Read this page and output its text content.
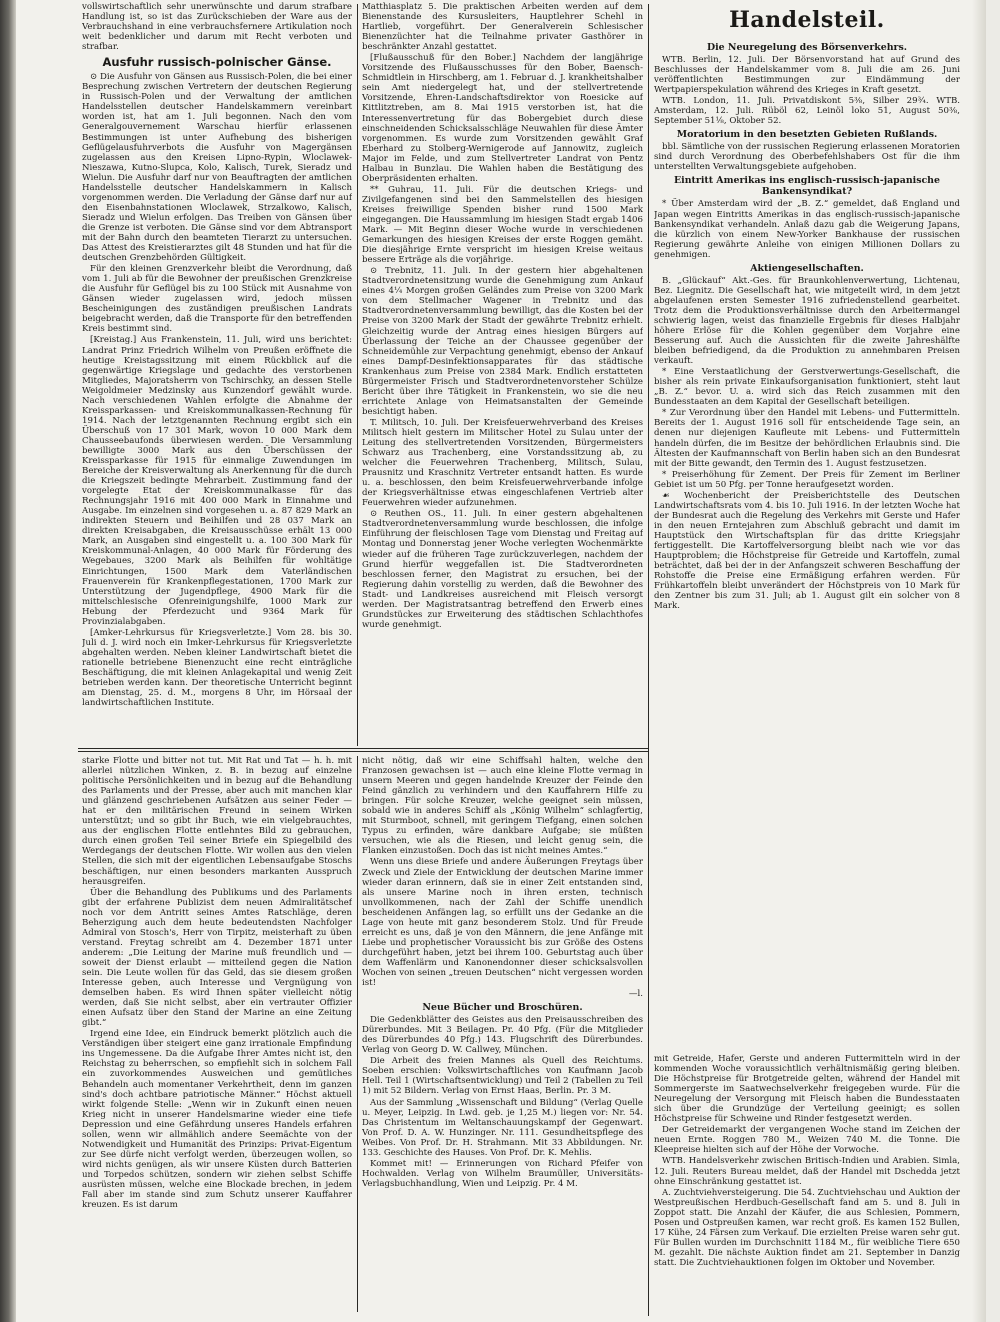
vollswirtschaftlich sehr unerwünschte und darum strafbare Handlung ist, so ist das Zurückschieben der Ware aus der Verbrauchshand in eine verbrauchsfernere Artikulation noch weit bedenklicher und darum mit Recht verboten und strafbar.

Ausfuhr russisch-polnischer Gänse.

⊙ Die Ausfuhr von Gänsen aus Russisch-Polen, die bei einer Besprechung zwischen Vertretern der deutschen Regierung in Russisch-Polen und der Verwaltung der amtlichen Handelsstellen deutscher Handelskammern vereinbart worden ist, hat am 1. Juli begonnen. Nach den vom Generalgouvernement Warschau hierfür erlassenen Bestimmungen ist unter Aufhebung des bisherigen Geflügelausfuhrverbots die Ausfuhr von Magergänsen zugelassen aus den Kreisen Lipno-Rypin, Wloclawek-Nieszawa, Kutno-Slupca, Kolo, Kalisch, Turek, Sieradz und Wielun. Die Ausfuhr darf nur von Beauftragten der amtlichen Handelsstelle deutscher Handelskammern in Kalisch vorgenommen werden. Die Verladung der Gänse darf nur auf den Eisenbahnstationen Wloclawek, Strzalkowo, Kalisch, Sieradz und Wielun erfolgen. Das Treiben von Gänsen über die Grenze ist verboten. Die Gänse sind vor dem Abtransport mit der Bahn durch den beamteten Tierarzt zu untersuchen. Das Attest des Kreistierarztes gilt 48 Stunden und hat für die deutschen Grenzbehörden Gültigkeit.

Für den kleinen Grenzverkehr bleibt die Verordnung, daß vom 1. Juli ab für die Bewohner der preußischen Grenzkreise die Ausfuhr für Geflügel bis zu 100 Stück mit Ausnahme von Gänsen wieder zugelassen wird, jedoch müssen Bescheinigungen des zuständigen preußischen Landrats beigebracht werden, daß die Transporte für den betreffenden Kreis bestimmt sind.

[Kreistag.] Aus Frankenstein, 11. Juli, wird uns berichtet: Landrat Prinz Friedrich Wilhelm von Preußen eröffnete die heutige Kreistagssitzung mit einem Rückblick auf die gegenwärtige Kriegslage und gedachte des verstorbenen Mitgliedes, Majoratsherrn von Tschirschky, an dessen Stelle Weigoldmeier Medzinsky aus Kunzendorf gewählt wurde. Nach verschiedenen Wahlen erfolgte die Abnahme der Kreissparkassen- und Kreiskommunalkassen-Rechnung für 1914. Nach der letztgenannten Rechnung ergibt sich ein Überschuß von 17 301 Mark, wovon 10 000 Mark dem Chausseebaufonds überwiesen werden. Die Versammlung bewilligte 3000 Mark aus den Überschüssen der Kreissparkasse für 1915 für einmalige Zuwendungen im Bereiche der Kreisverwaltung als Anerkennung für die durch die Kriegszeit bedingte Mehrarbeit. Zustimmung fand der vorgelegte Etat der Kreiskommunalkasse für das Rechnungsjahr 1916 mit 400 000 Mark in Einnahme und Ausgabe. Im einzelnen sind vorgesehen u. a. 87 829 Mark an indirekten Steuern und Beihilfen und 28 037 Mark an direkten Kreisabgaben, die Kreisausschüsse erhält 13 000 Mark, an Ausgaben sind eingestellt u. a. 100 300 Mark für Kreiskommunal-Anlagen, 40 000 Mark für Förderung des Wegebaues, 3200 Mark als Beihilfen für wohltätige Einrichtungen, 1500 Mark dem Vaterländischen Frauenverein für Krankenpflegestationen, 1700 Mark zur Unterstützung der Jugendpflege, 4900 Mark für die mittelschlesische Ofenreinigungshilfe, 1000 Mark zur Hebung der Pferdezucht und 9364 Mark für Provinzialabgaben.

[Amker-Lehrkursus für Kriegsverletzte.] Vom 28. bis 30. Juli d. J. wird noch ein Imker-Lehrkursus für Kriegsverletzte abgehalten werden. Neben kleiner Landwirtschaft bietet die rationelle betriebene Bienenzucht eine recht einträgliche Beschäftigung, die mit kleinen Anlagekapital und wenig Zeit betrieben werden kann. Der theoretische Unterricht beginnt am Dienstag, 25. d. M., morgens 8 Uhr, im Hörsaal der landwirtschaftlichen Institute.

Matthiasplatz 5. Die praktischen Arbeiten werden auf dem Bienenstande des Kursusleiters, Hauptlehrer Schehl in Hartlieb, vorgeführt. Der Generalverein Schlesischer Bienenzüchter hat die Teilnahme privater Gasthörer in beschränkter Anzahl gestattet.

[Flußausschuß für den Bober.] Nachdem der langjährige Vorsitzende des Flußausschusses für den Bober, Baensch-Schmidtlein in Hirschberg, am 1. Februar d. J. krankheitshalber sein Amt niedergelegt hat, und der stellvertretende Vorsitzende, Ehren-Landschaftsdirektor von Roesicke auf Kittlitztreben, am 8. Mai 1915 verstorben ist, hat die Interessenvertretung für das Bobergebiet durch diese einschneidenden Schicksalsschläge Neuwahlen für diese Ämter vorgenommen. Es wurde zum Vorsitzenden gewählt Graf Eberhard zu Stolberg-Wernigerode auf Jannowitz, zugleich Major im Felde, und zum Stellvertreter Landrat von Pentz Halbau in Bunzlau. Die Wahlen haben die Bestätigung des Oberpräsidenten erhalten.

** Guhrau, 11. Juli. Für die deutschen Kriegs- und Zivilgefangenen sind bei den Sammelstellen des hiesigen Kreises freiwillige Spenden bisher rund 1500 Mark eingegangen. Die Haussammlung im hiesigen Stadt ergab 1406 Mark. — Mit Beginn dieser Woche wurde in verschiedenen Gemarkungen des hiesigen Kreises der erste Roggen gemäht. Die diesjährige Ernte verspricht im hiesigen Kreise weitaus bessere Erträge als die vorjährige.

⊙ Trebnitz, 11. Juli. In der gestern hier abgehaltenen Stadtverordnetensitzung wurde die Genehmigung zum Ankauf eines 4¼ Morgen großen Geländes zum Preise von 3200 Mark von dem Stellmacher Wagener in Trebnitz und das Stadtverordnetenversammlung bewilligt, das die Kosten bei der Preise von 3200 Mark der Stadt der gewährte Trebnitz erhielt. Gleichzeitig wurde der Antrag eines hiesigen Bürgers auf Überlassung der Teiche an der Chaussee gegenüber der Schneidemühle zur Verpachtung genehmigt, ebenso der Ankauf eines Dampf-Desinfektionsapparates für das städtische Krankenhaus zum Preise von 2384 Mark. Endlich erstatteten Bürgermeister Frisch und Stadtverordnetenvorsteher Schülze Bericht über ihre Tätigkeit in Frankenstein, wo sie die neu errichtete Anlage von Heimatsanstalten der Gemeinde besichtigt haben.

T. Militsch, 10. Juli. Der Kreisfeuerwehrverband des Kreises Militsch hielt gestern im Militscher Hotel zu Sulau unter der Leitung des stellvertretenden Vorsitzenden, Bürgermeisters Schwarz aus Trachenberg, eine Vorstandssitzung ab, zu welcher die Feuerwehren Trachenberg, Militsch, Sulau, Prausnitz und Kraschnitz Vertreter entsandt hatten. Es wurde u. a. beschlossen, den beim Kreisfeuerwehrverbande infolge der Kriegsverhältnisse etwas eingeschlafenen Vertrieb alter Feuerwehren wieder aufzunehmen.

⊙ Reuthen OS., 11. Juli. In einer gestern abgehaltenen Stadtverordnetenversammlung wurde beschlossen, die infolge Einführung der fleischlosen Tage vom Dienstag und Freitag auf Montag und Donnerstag jener Woche verlegten Wochenmärkte wieder auf die früheren Tage zurückzuverlegen, nachdem der Grund hierfür weggefallen ist. Die Stadtverordneten beschlossen ferner, den Magistrat zu ersuchen, bei der Regierung dahin vorstellig zu werden, daß die Bewohner des Stadt- und Landkreises ausreichend mit Fleisch versorgt werden. Der Magistratsantrag betreffend den Erwerb eines Grundstückes zur Erweiterung des städtischen Schlachthofes wurde genehmigt.

Handelsteil.
Die Neuregelung des Börsenverkehrs.

WTB. Berlin, 12. Juli. Der Börsenvorstand hat auf Grund des Beschlusses der Handelskammer vom 8. Juli die am 26. Juni veröffentlichten Bestimmungen zur Eindämmung der Wertpapierspekulation während des Krieges in Kraft gesetzt.

WTB. London, 11. Juli. Privatdiskont 5⅜, Silber 29¾. WTB. Amsterdam, 12. Juli. Rüböl 62, Leinöl loko 51, August 50⅜, September 51⅛, Oktober 52.

Moratorium in den besetzten Gebieten Rußlands.

bbl. Sämtliche von der russischen Regierung erlassenen Moratorien sind durch Verordnung des Oberbefehlshabers Ost für die ihm unterstellten Verwaltungsgebiete aufgehoben.

Eintritt Amerikas ins englisch-russisch-japanische Bankensyndikat?

* Über Amsterdam wird der „B. Z.“ gemeldet, daß England und Japan wegen Eintritts Amerikas in das englisch-russisch-japanische Bankensyndikat verhandeln. Anlaß dazu gab die Weigerung Japans, die kürzlich von einem New-Yorker Bankhause der russischen Regierung gewährte Anleihe von einigen Millionen Dollars zu genehmigen.

Aktiengesellschaften.

B. „Glückauf“ Akt.-Ges. für Braunkohlenverwertung, Lichtenau, Bez. Liegnitz. Die Gesellschaft hat, wie mitgeteilt wird, in dem jetzt abgelaufenen ersten Semester 1916 zufriedenstellend gearbeitet. Trotz dem die Produktionsverhältnisse durch den Arbeitermangel schwierig lagen, weist das finanzielle Ergebnis für dieses Halbjahr höhere Erlöse für die Kohlen gegenüber dem Vorjahre eine Besserung auf. Auch die Aussichten für die zweite Jahreshälfte bleiben befriedigend, da die Produktion zu annehmbaren Preisen verkauft.

* Eine Verstaatlichung der Gerstverwertungs-Gesellschaft, die bisher als rein private Einkaufsorganisation funktioniert, steht laut „B. Z.“ bevor. U. a. wird sich das Reich zusammen mit den Bundesstaaten an dem Kapital der Gesellschaft beteiligen.

* Zur Verordnung über den Handel mit Lebens- und Futtermitteln. Bereits der 1. August 1916 soll für entscheidende Tage sein, an denen nur diejenigen Kaufleute mit Lebens- und Futtermitteln handeln dürfen, die im Besitze der behördlichen Erlaubnis sind. Die Ältesten der Kaufmannschaft von Berlin haben sich an den Bundesrat mit der Bitte gewandt, den Termin des 1. August festzusetzen.

* Preiserhöhung für Zement. Der Preis für Zement im Berliner Gebiet ist um 50 Pfg. per Tonne heraufgesetzt worden.

☙ Wochenbericht der Preisberichtstelle des Deutschen Landwirtschaftsrats vom 4. bis 10. Juli 1916. In der letzten Woche hat der Bundesrat auch die Regelung des Verkehrs mit Gerste und Hafer in den neuen Erntejahren zum Abschluß gebracht und damit im Hauptstück den Wirtschaftsplan für das dritte Kriegsjahr fertiggestellt. Die Kartoffelversorgung bleibt nach wie vor das Hauptproblem; die Höchstpreise für Getreide und Kartoffeln, zumal beträchtet, daß bei der in der Anfangszeit schweren Beschaffung der Rohstoffe die Preise eine Ermäßigung erfahren werden. Für Frühkartoffeln bleibt unverändert der Höchstpreis von 10 Mark für den Zentner bis zum 31. Juli; ab 1. August gilt ein solcher von 8 Mark.

starke Flotte und bitter not tut. Mit Rat und Tat — h. h. mit allerlei nützlichen Winken, z. B. in bezug auf einzelne politische Persönlichkeiten und in bezug auf die Behandlung des Parlaments und der Presse, aber auch mit manchen klar und glänzend geschriebenen Aufsätzen aus seiner Feder — hat er den militärischen Freund in seinem Wirken unterstützt; und so gibt ihr Buch, wie ein vielgebrauchtes, aus der englischen Flotte entlehntes Bild zu gebrauchen, durch einen großen Teil seiner Briefe ein Spiegelbild des Werdegangs der deutschen Flotte. Wir wollen aus den vielen Stellen, die sich mit der eigentlichen Lebensaufgabe Stoschs beschäftigen, nur einen besonders markanten Ausspruch herausgreifen.

Über die Behandlung des Publikums und des Parlaments gibt der erfahrene Publizist dem neuen Admiralitätschef noch vor dem Antritt seines Amtes Ratschläge, deren Beherzigung auch dem heute bedeutendsten Nachfolger Admiral von Stosch's, Herr von Tirpitz, meisterhaft zu üben verstand. Freytag schreibt am 4. Dezember 1871 unter anderem: „Die Leitung der Marine muß freundlich und — soweit der Dienst erlaubt — mitteilend gegen die Nation sein. Die Leute wollen für das Geld, das sie diesem großen Interesse geben, auch Interesse und Vergnügung von demselben haben. Es wird Ihnen später vielleicht nötig werden, daß Sie nicht selbst, aber ein vertrauter Offizier einen Aufsatz über den Stand der Marine an eine Zeitung gibt.“

Irgend eine Idee, ein Eindruck bemerkt plötzlich auch die Verständigen über steigert eine ganz irrationale Empfindung ins Ungemessene. Da die Aufgabe Ihrer Amtes nicht ist, den Reichstag zu beherrschen, so empfiehlt sich in solchem Fall ein zuvorkommendes Ausweichen und gemütliches Behandeln auch momentaner Verkehrtheit, denn im ganzen sind's doch achtbare patriotische Männer.“ Höchst aktuell wirkt folgende Stelle: „Wenn wir in Zukunft einen neuen Krieg nicht in unserer Handelsmarine wieder eine tiefe Depression und eine Gefährdung unseres Handels erfahren sollen, wenn wir allmählich andere Seemächte von der Notwendigkeit und Humanität des Prinzips: Privat-Eigentum zur See dürfe nicht verfolgt werden, überzeugen wollen, so wird nichts genügen, als wir unsere Küsten durch Batterien und Torpedos schützen, sondern wir ziehen selbst Schiffe ausrüsten müssen, welche eine Blockade brechen, in jedem Fall aber im stande sind zum Schutz unserer Kauffahrer kreuzen. Es ist darum

nicht nötig, daß wir eine Schiffsahl halten, welche den Franzosen gewachsen ist — auch eine kleine Flotte vermag in unsern Meeren und gegen handelnde Kreuzer der Feinde den Feind gänzlich zu verhindern und den Kauffahrern Hilfe zu bringen. Für solche Kreuzer, welche geeignet sein müssen, sobald wie in anderes Schiff als „König Wilhelm“ schlagfertig, mit Sturmboot, schnell, mit geringem Tiefgang, einen solchen Typus zu erfinden, wäre dankbare Aufgabe; sie müßten versuchen, wie als die Riesen, und leicht genug sein, die Flanken einzustoßen. Doch das ist nicht meines Amtes.“

Wenn uns diese Briefe und andere Äußerungen Freytags über Zweck und Ziele der Entwicklung der deutschen Marine immer wieder daran erinnern, daß sie in einer Zeit entstanden sind, als unsere Marine noch in ihren ersten, technisch unvollkommenen, nach der Zahl der Schiffe unendlich bescheidenen Anfängen lag, so erfüllt uns der Gedanke an die Lage von heute mit ganz besonderem Stolz. Und für Freude erreicht es uns, daß je von den Männern, die jene Anfänge mit Liebe und prophetischer Voraussicht bis zur Größe des Ostens durchgeführt haben, jetzt bei ihrem 100. Geburtstag auch über dem Waffenlärm und Kanonendonner dieser schicksalsvollen Wochen von seinen „treuen Deutschen“ nicht vergessen worden ist!

—l.

Neue Bücher und Broschüren.

Die Gedenkblätter des Geistes aus den Preisausschreiben des Dürerbundes. Mit 3 Beilagen. Pr. 40 Pfg. (Für die Mitglieder des Dürerbundes 40 Pfg.) 143. Flugschrift des Dürerbundes. Verlag von Georg D. W. Callwey, München.

Die Arbeit des freien Mannes als Quell des Reichtums. Soeben erschien: Volkswirtschaftliches von Kaufmann Jacob Hell. Teil 1 (Wirtschaftsentwicklung) und Teil 2 (Tabellen zu Teil 1) mit 52 Bildern. Verlag von Ernst Haas, Berlin. Pr. 3 M.

Aus der Sammlung „Wissenschaft und Bildung“ (Verlag Quelle u. Meyer, Leipzig. In Lwd. geb. je 1,25 M.) liegen vor: Nr. 54. Das Christentum im Weltanschauungskampf der Gegenwart. Von Prof. D. A. W. Hunzinger. Nr. 111. Gesundheitspflege des Weibes. Von Prof. Dr. H. Strahmann. Mit 33 Abbildungen. Nr. 133. Geschichte des Hauses. Von Prof. Dr. K. Mehlis.

Kommet mit! — Erinnerungen von Richard Pfeifer von Hochwalden. Verlag von Wilhelm Braumüller, Universitäts-Verlagsbuchhandlung, Wien und Leipzig. Pr. 4 M.

mit Getreide, Hafer, Gerste und anderen Futtermitteln wird in der kommenden Woche voraussichtlich verhältnismäßig gering bleiben. Die Höchstpreise für Brotgetreide gelten, während der Handel mit Sommergerste im Saatwechselverkehr freigegeben wurde. Für die Neuregelung der Versorgung mit Fleisch haben die Bundesstaaten sich über die Grundzüge der Verteilung geeinigt; es sollen Höchstpreise für Schweine und Rinder festgesetzt werden.

Der Getreidemarkt der vergangenen Woche stand im Zeichen der neuen Ernte. Roggen 780 M., Weizen 740 M. die Tonne. Die Kleepreise hielten sich auf der Höhe der Vorwoche.

WTB. Handelsverkehr zwischen Britisch-Indien und Arabien. Simla, 12. Juli. Reuters Bureau meldet, daß der Handel mit Dschedda jetzt ohne Einschränkung gestattet ist.

A. Zuchtviehversteigerung. Die 54. Zuchtviehschau und Auktion der Westpreußischen Herdbuch-Gesellschaft fand am 5. und 8. Juli in Zoppot statt. Die Anzahl der Käufer, die aus Schlesien, Pommern, Posen und Ostpreußen kamen, war recht groß. Es kamen 152 Bullen, 17 Kühe, 24 Färsen zum Verkauf. Die erzielten Preise waren sehr gut. Für Bullen wurden im Durchschnitt 1184 M., für weibliche Tiere 650 M. gezahlt. Die nächste Auktion findet am 21. September in Danzig statt. Die Zuchtviehauktionen folgen im Oktober und November.
